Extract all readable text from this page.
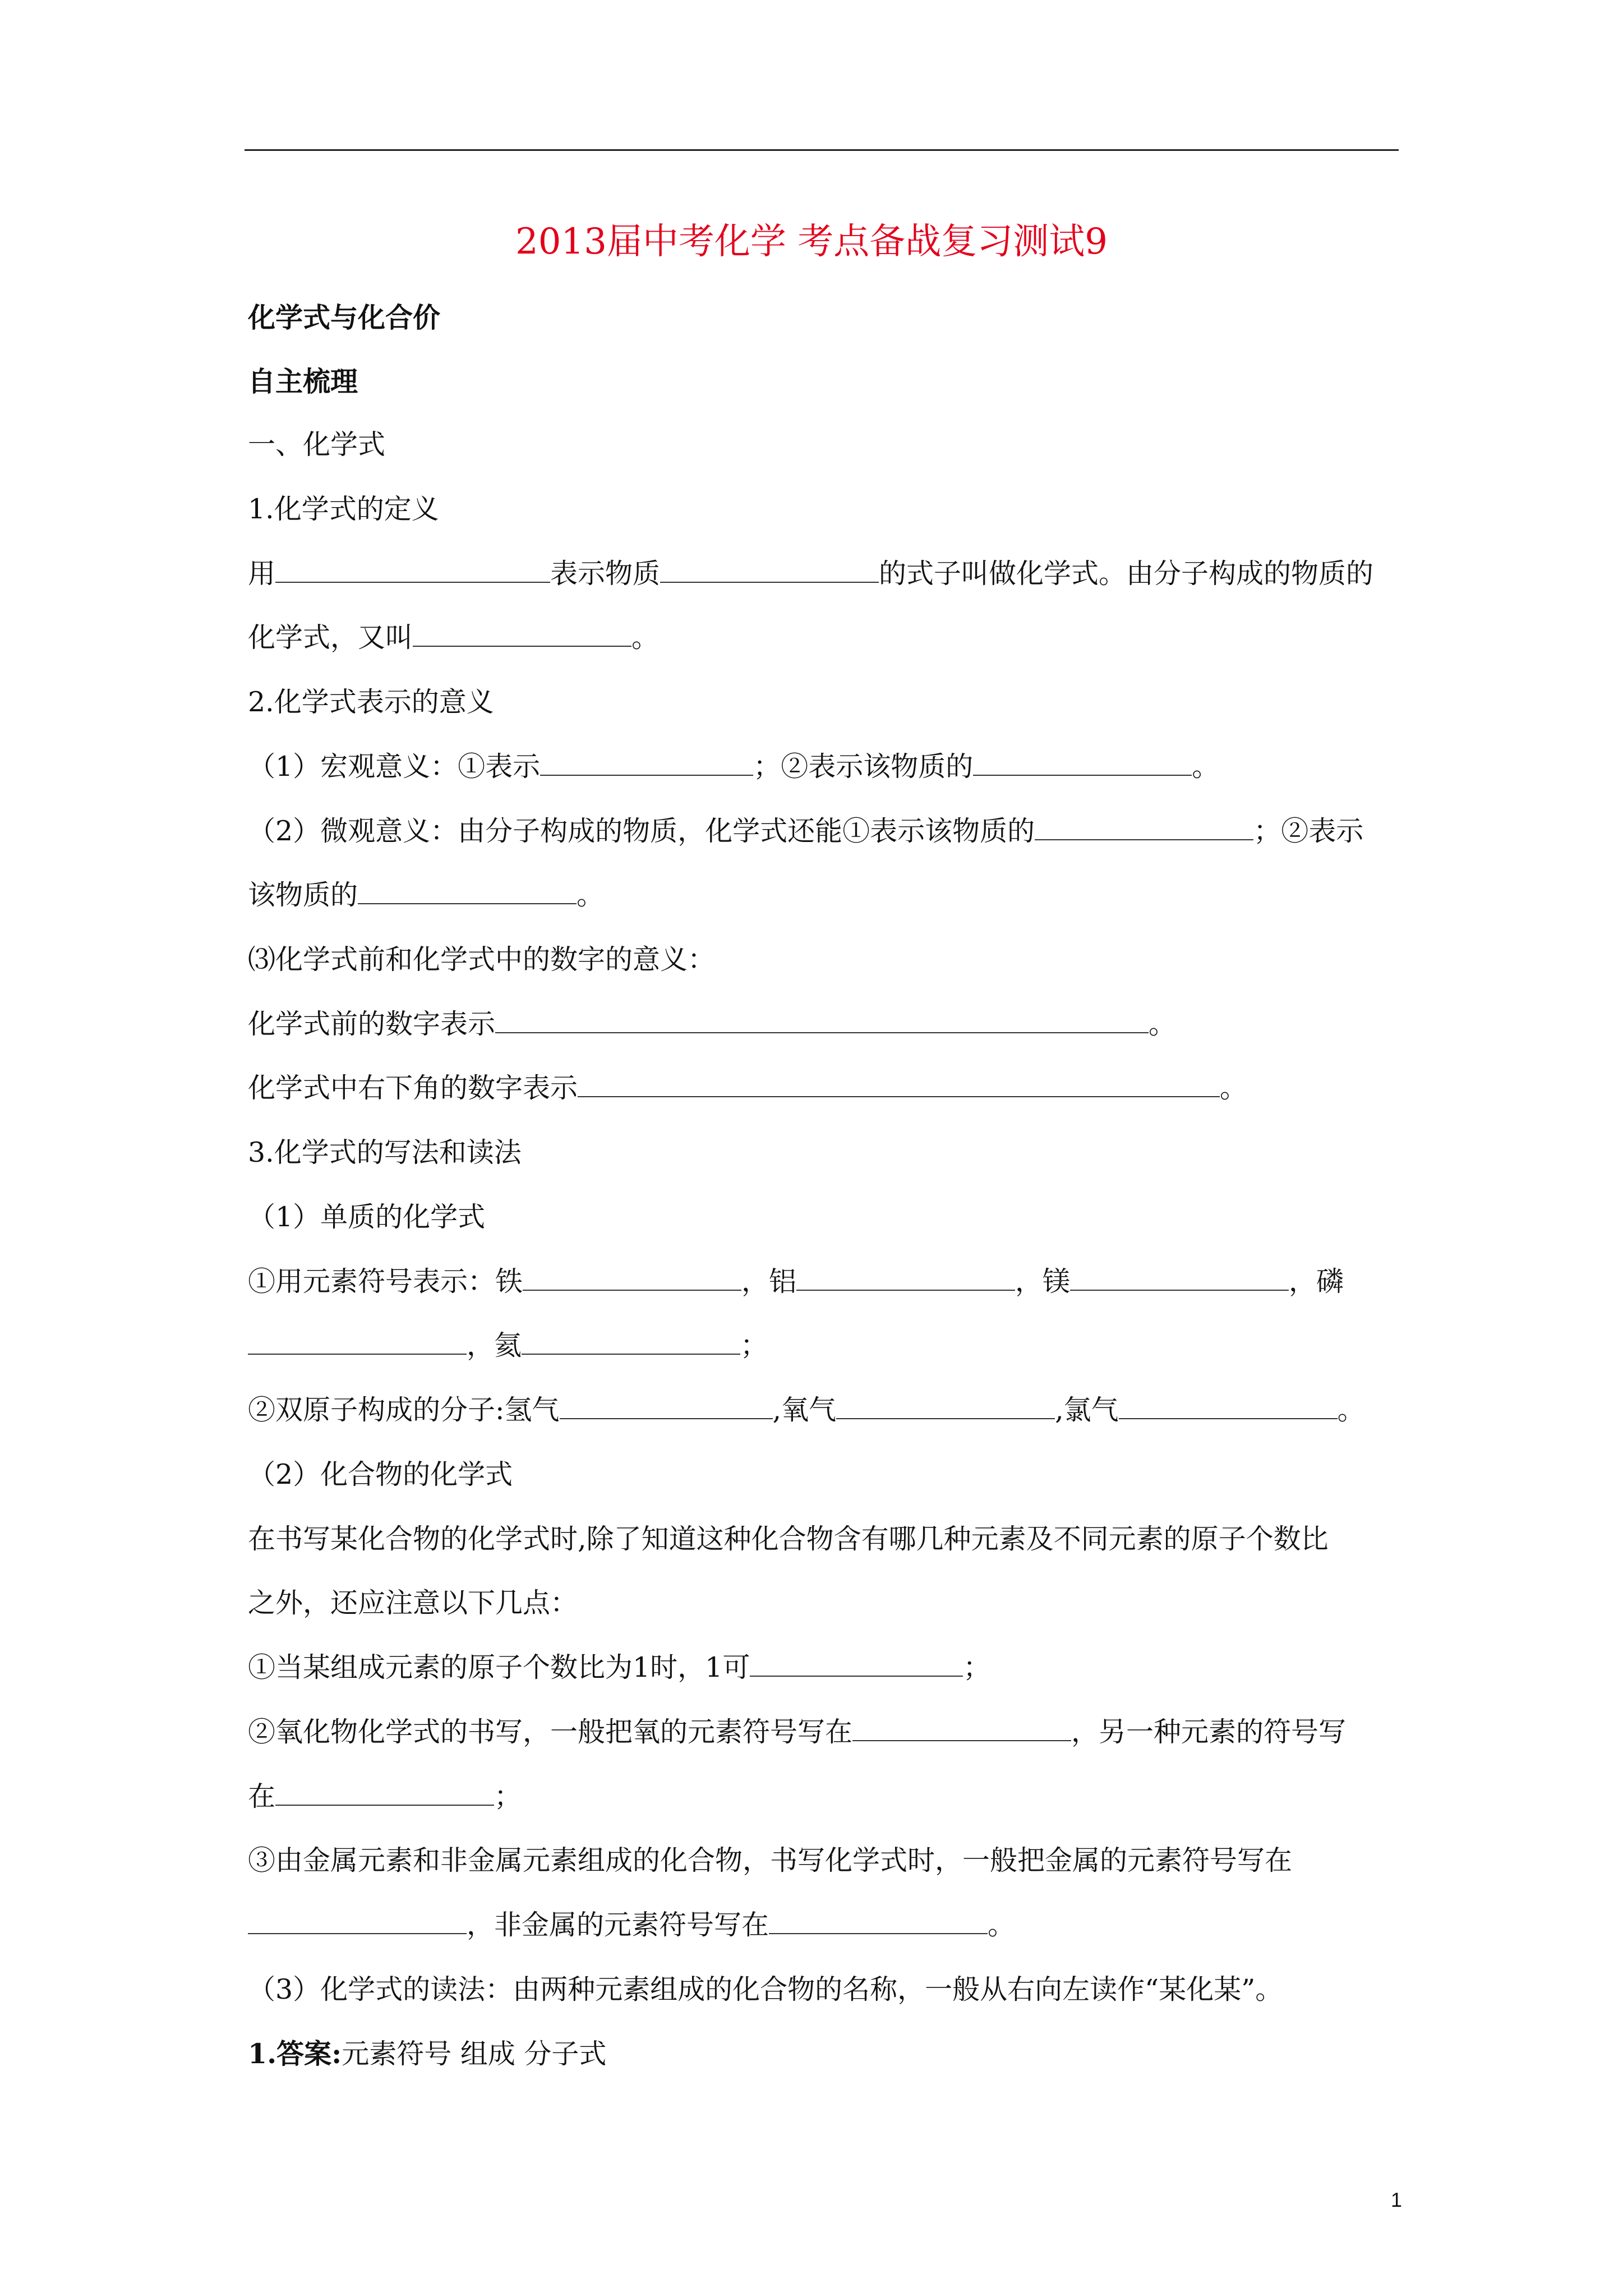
2013届中考化学 考点备战复习测试9
化学式与化合价
自主梳理
一、化学式
1.化学式的定义
用	表示物质	的式子叫做化学式。由分子构成的物质的
化学式，又叫	。
2.化学式表示的意义
（1）宏观意义：①表示	；②表示该物质的	。
（2）微观意义：由分子构成的物质，化学式还能①表示该物质的	；②表示
该物质的	。
⑶化学式前和化学式中的数字的意义：
化学式前的数字表示	。
化学式中右下角的数字表示	。
3.化学式的写法和读法
（1）单质的化学式
①用元素符号表示：铁	，铝	，镁	，磷
，氦	；
②双原子构成的分子:氢气	,氧气	,氯气	。
（2）化合物的化学式
在书写某化合物的化学式时,除了知道这种化合物含有哪几种元素及不同元素的原子个数比
之外，还应注意以下几点：
①当某组成元素的原子个数比为1时，1可	；
②氧化物化学式的书写，一般把氧的元素符号写在	，另一种元素的符号写
在	；
③由金属元素和非金属元素组成的化合物，书写化学式时，一般把金属的元素符号写在
，非金属的元素符号写在	。
（3）化学式的读法：由两种元素组成的化合物的名称，一般从右向左读作“某化某”。
1.答案:元素符号 组成 分子式
1
